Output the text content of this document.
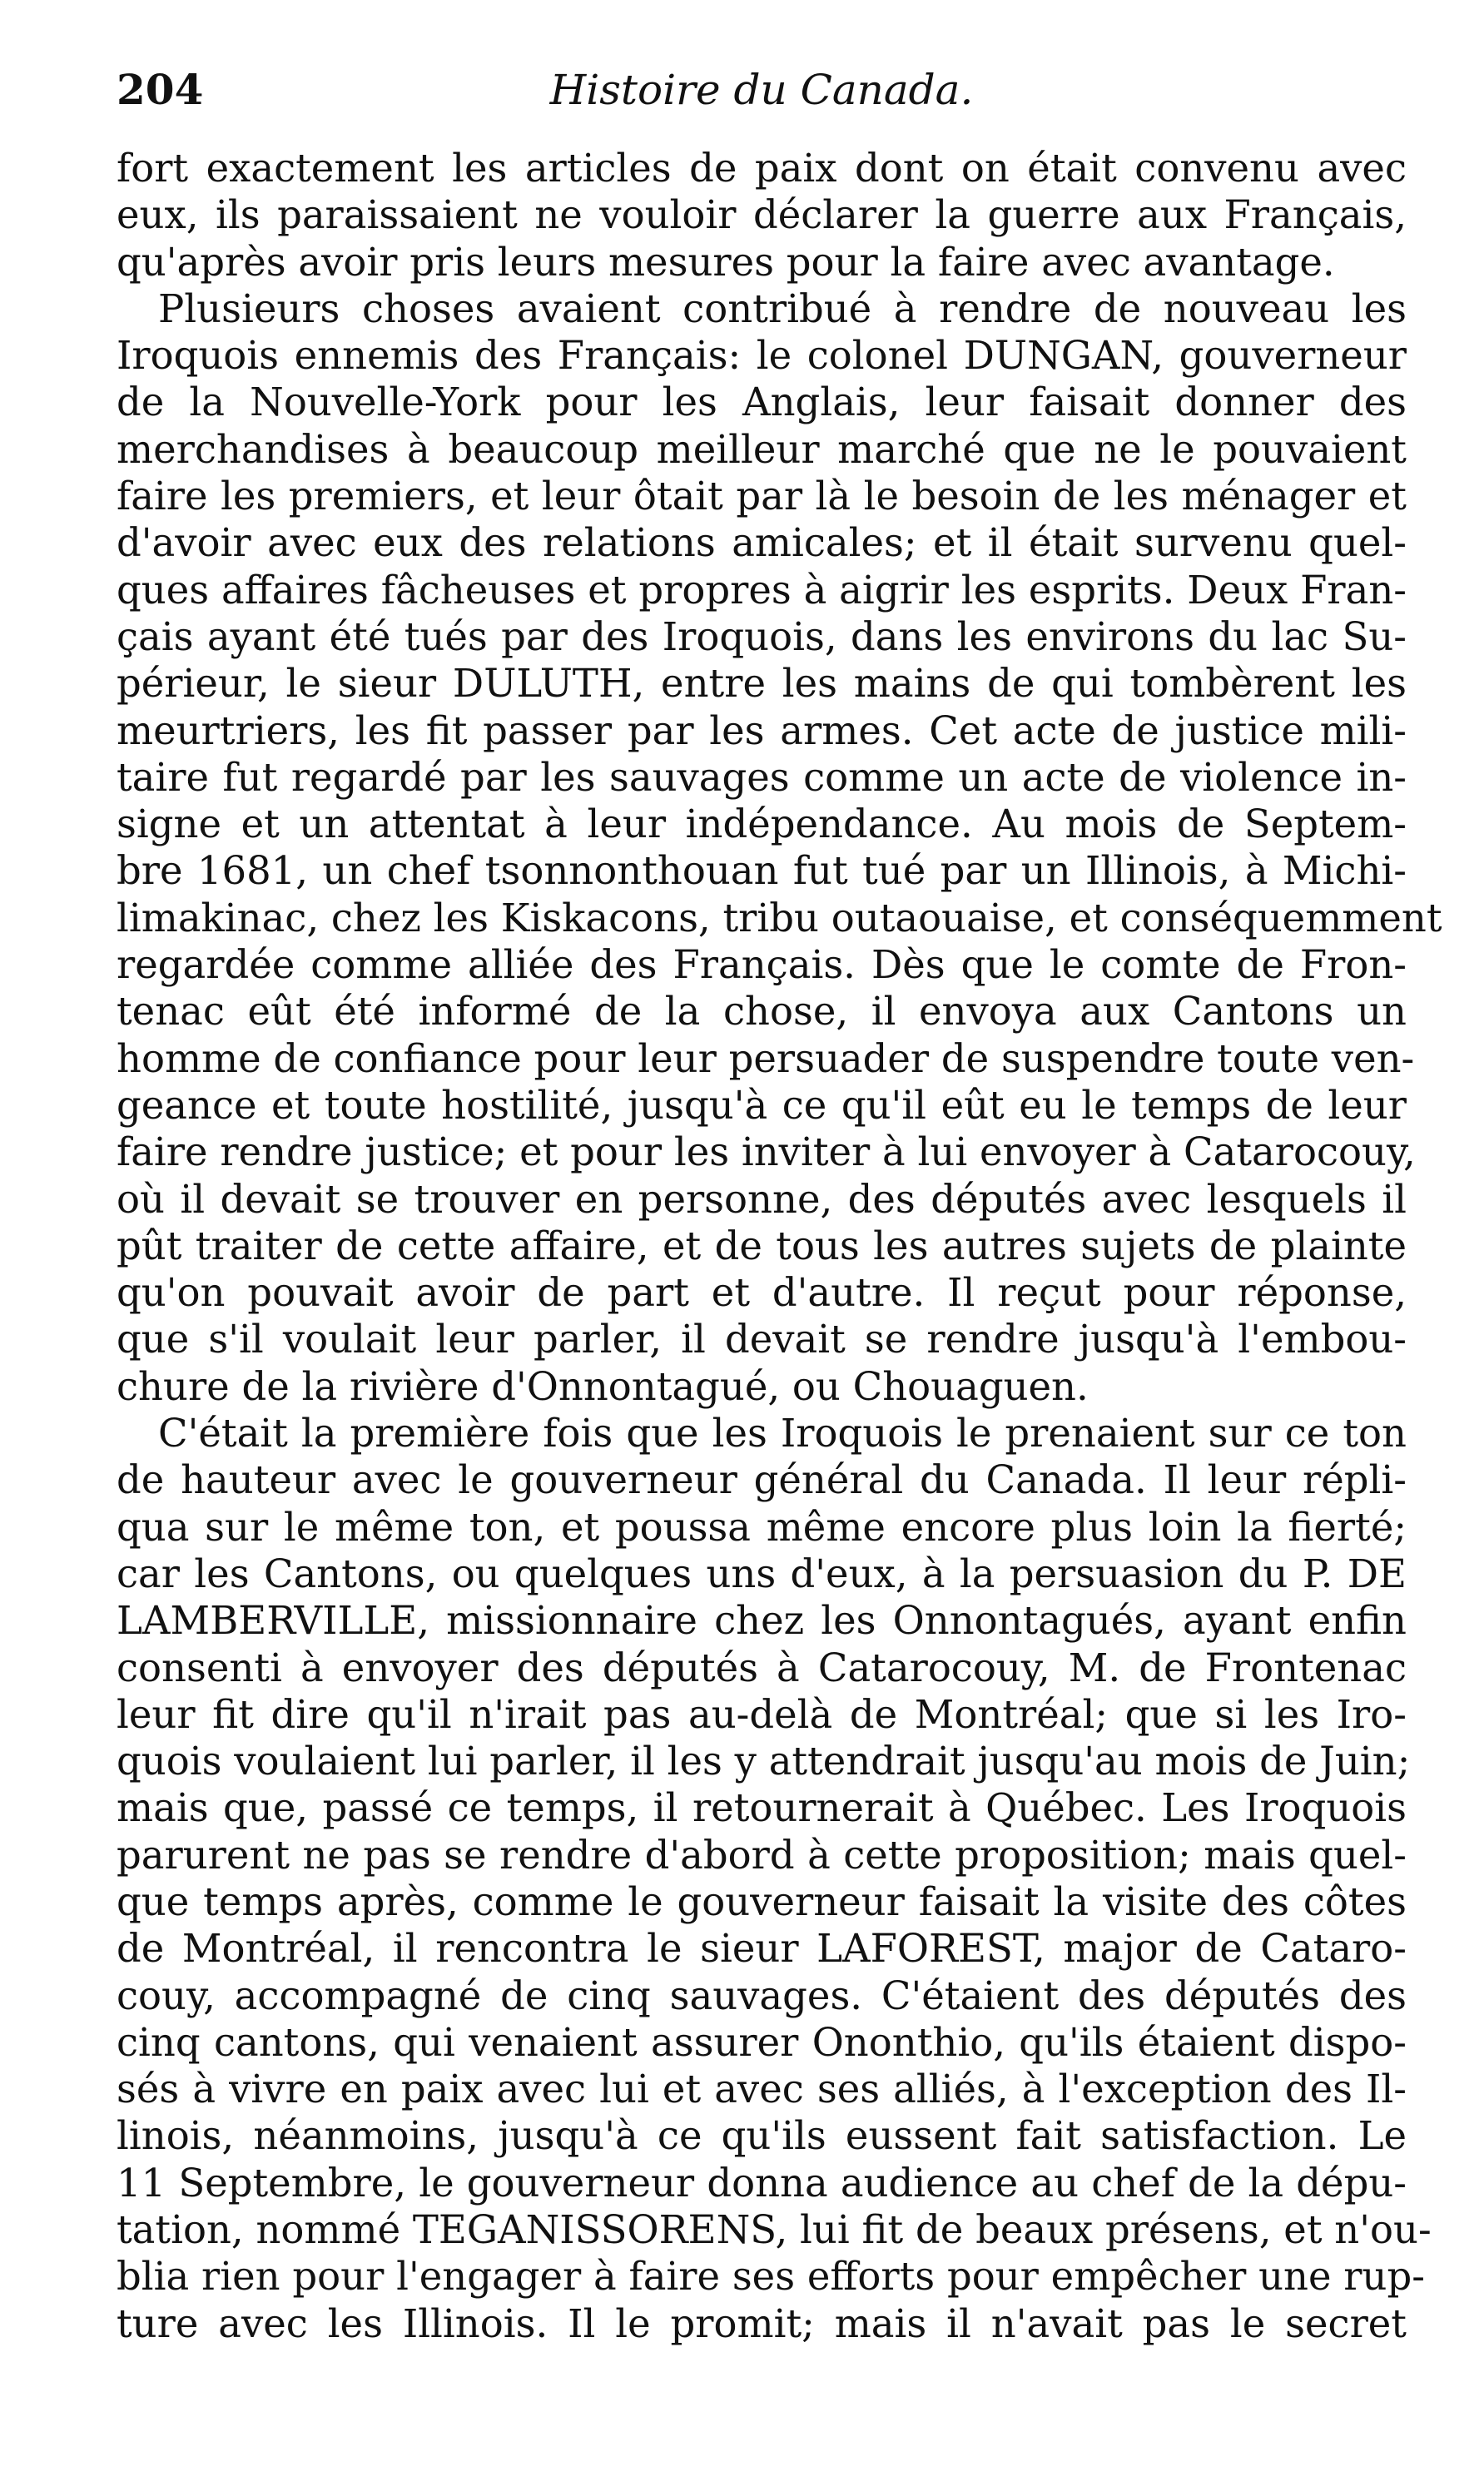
204	Histoire du Canada.
fort exactement les articles de paix dont on était convenu avec
eux, ils paraissaient ne vouloir déclarer la guerre aux Français,
qu'après avoir pris leurs mesures pour la faire avec avantage.
Plusieurs choses avaient contribué à rendre de nouveau les
Iroquois ennemis des Français: le colonel DUNGAN, gouverneur
de la Nouvelle-York pour les Anglais, leur faisait donner des
merchandises à beaucoup meilleur marché que ne le pouvaient
faire les premiers, et leur ôtait par là le besoin de les ménager et
d'avoir avec eux des relations amicales; et il était survenu quel-
ques affaires fâcheuses et propres à aigrir les esprits. Deux Fran-
çais ayant été tués par des Iroquois, dans les environs du lac Su-
périeur, le sieur DULUTH, entre les mains de qui tombèrent les
meurtriers, les fit passer par les armes. Cet acte de justice mili-
taire fut regardé par les sauvages comme un acte de violence in-
signe et un attentat à leur indépendance. Au mois de Septem-
bre 1681, un chef tsonnonthouan fut tué par un Illinois, à Michi-
limakinac, chez les Kiskacons, tribu outaouaise, et conséquemment
regardée comme alliée des Français. Dès que le comte de Fron-
tenac eût été informé de la chose, il envoya aux Cantons un
homme de confiance pour leur persuader de suspendre toute ven-
geance et toute hostilité, jusqu'à ce qu'il eût eu le temps de leur
faire rendre justice; et pour les inviter à lui envoyer à Catarocouy,
où il devait se trouver en personne, des députés avec lesquels il
pût traiter de cette affaire, et de tous les autres sujets de plainte
qu'on pouvait avoir de part et d'autre. Il reçut pour réponse,
que s'il voulait leur parler, il devait se rendre jusqu'à l'embou-
chure de la rivière d'Onnontagué, ou Chouaguen.
C'était la première fois que les Iroquois le prenaient sur ce ton
de hauteur avec le gouverneur général du Canada. Il leur répli-
qua sur le même ton, et poussa même encore plus loin la fierté;
car les Cantons, ou quelques uns d'eux, à la persuasion du P. DE
LAMBERVILLE, missionnaire chez les Onnontagués, ayant enfin
consenti à envoyer des députés à Catarocouy, M. de Frontenac
leur fit dire qu'il n'irait pas au-delà de Montréal; que si les Iro-
quois voulaient lui parler, il les y attendrait jusqu'au mois de Juin;
mais que, passé ce temps, il retournerait à Québec. Les Iroquois
parurent ne pas se rendre d'abord à cette proposition; mais quel-
que temps après, comme le gouverneur faisait la visite des côtes
de Montréal, il rencontra le sieur LAFOREST, major de Cataro-
couy, accompagné de cinq sauvages. C'étaient des députés des
cinq cantons, qui venaient assurer Ononthio, qu'ils étaient dispo-
sés à vivre en paix avec lui et avec ses alliés, à l'exception des Il-
linois, néanmoins, jusqu'à ce qu'ils eussent fait satisfaction. Le
11 Septembre, le gouverneur donna audience au chef de la dépu-
tation, nommé TEGANISSORENS, lui fit de beaux présens, et n'ou-
blia rien pour l'engager à faire ses efforts pour empêcher une rup-
ture avec les Illinois. Il le promit; mais il n'avait pas le secret
